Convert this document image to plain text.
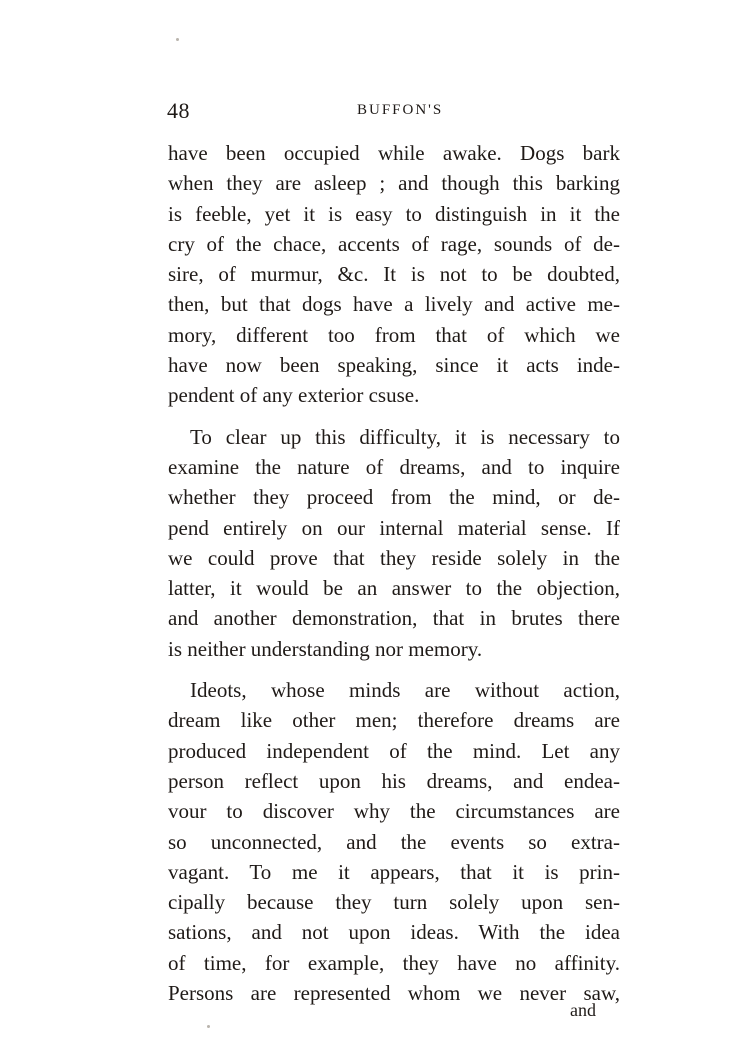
48	BUFFON'S
have been occupied while awake. Dogs bark
when they are asleep ; and though this barking
is feeble, yet it is easy to distinguish in it the
cry of the chace, accents of rage, sounds of de-
sire, of murmur, &c. It is not to be doubted,
then, but that dogs have a lively and active me-
mory, different too from that of which we
have now been speaking, since it acts inde-
pendent of any exterior csuse.
To clear up this difficulty, it is necessary to
examine the nature of dreams, and to inquire
whether they proceed from the mind, or de-
pend entirely on our internal material sense. If
we could prove that they reside solely in the
latter, it would be an answer to the objection,
and another demonstration, that in brutes there
is neither understanding nor memory.
Ideots, whose minds are without action,
dream like other men; therefore dreams are
produced independent of the mind. Let any
person reflect upon his dreams, and endea-
vour to discover why the circumstances are
so unconnected, and the events so extra-
vagant. To me it appears, that it is prin-
cipally because they turn solely upon sen-
sations, and not upon ideas. With the idea
of time, for example, they have no affinity.
Persons are represented whom we never saw,
and
